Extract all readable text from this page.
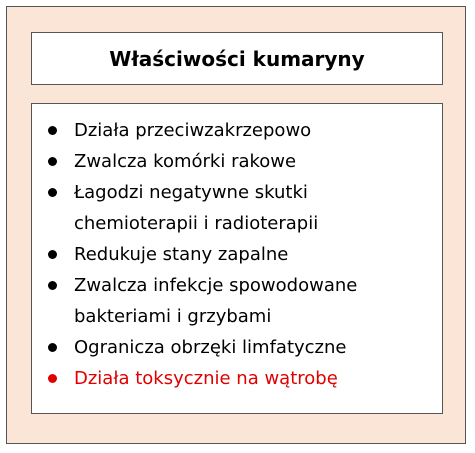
Właściwości kumaryny
Działa przeciwzakrzepowo
Zwalcza komórki rakowe
Łagodzi negatywne skutki chemioterapii i radioterapii
Redukuje stany zapalne
Zwalcza infekcje spowodowane bakteriami i grzybami
Ogranicza obrzęki limfatyczne
Działa toksycznie na wątrobę
